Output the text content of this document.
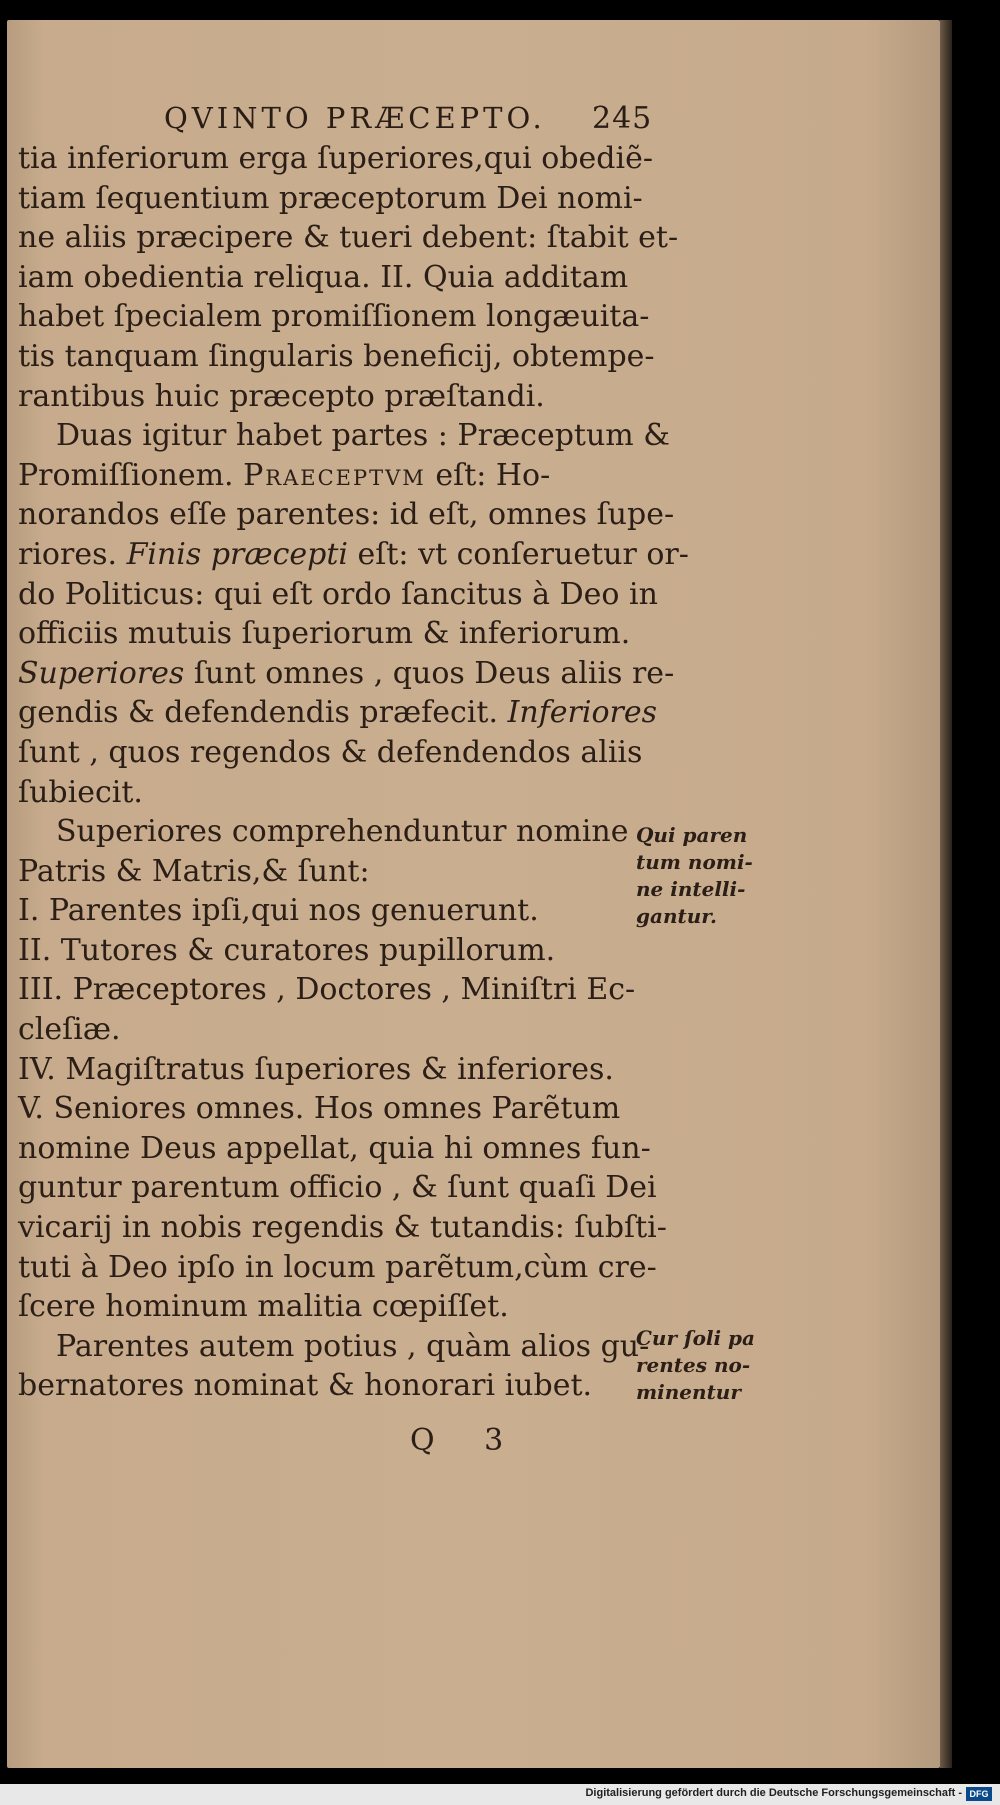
QVINTO PRÆCEPTO. 245
tia inferiorum erga ſuperiores,qui obediẽ-
tiam ſequentium præceptorum Dei nomi-
ne aliis præcipere & tueri debent: ſtabit et-
iam obedientia reliqua. II. Quia additam
habet ſpecialem promiſſionem longæuita-
tis tanquam ſingularis beneficij, obtempe-
rantibus huic præcepto præſtandi.
Duas igitur habet partes : Præceptum &
Promiſſionem. Praeceptvm eſt: Ho-
norandos eſſe parentes: id eſt, omnes ſupe-
riores. Finis præcepti eſt: vt conſeruetur or-
do Politicus: qui eſt ordo ſancitus à Deo in
officiis mutuis ſuperiorum & inferiorum.
Superiores ſunt omnes , quos Deus aliis re-
gendis & defendendis præfecit. Inferiores
ſunt , quos regendos & defendendos aliis
ſubiecit.
Superiores comprehenduntur nomine
Patris & Matris,& ſunt:
I. Parentes ipſi,qui nos genuerunt.
II. Tutores & curatores pupillorum.
III. Præceptores , Doctores , Miniſtri Ec-
cleſiæ.
IV. Magiſtratus ſuperiores & inferiores.
V. Seniores omnes. Hos omnes Parẽtum
nomine Deus appellat, quia hi omnes fun-
guntur parentum officio , & ſunt quaſi Dei
vicarij in nobis regendis & tutandis: ſubſti-
tuti à Deo ipſo in locum parẽtum,cùm cre-
ſcere hominum malitia cœpiſſet.
Parentes autem potius , quàm alios gu-
bernatores nominat & honorari iubet.
Q 3
Qui paren
tum nomi-
ne intelli-
gantur.
Cur ſoli pa
rentes no-
minentur
Digitalisierung gefördert durch die Deutsche Forschungsgemeinschaft - DFG
